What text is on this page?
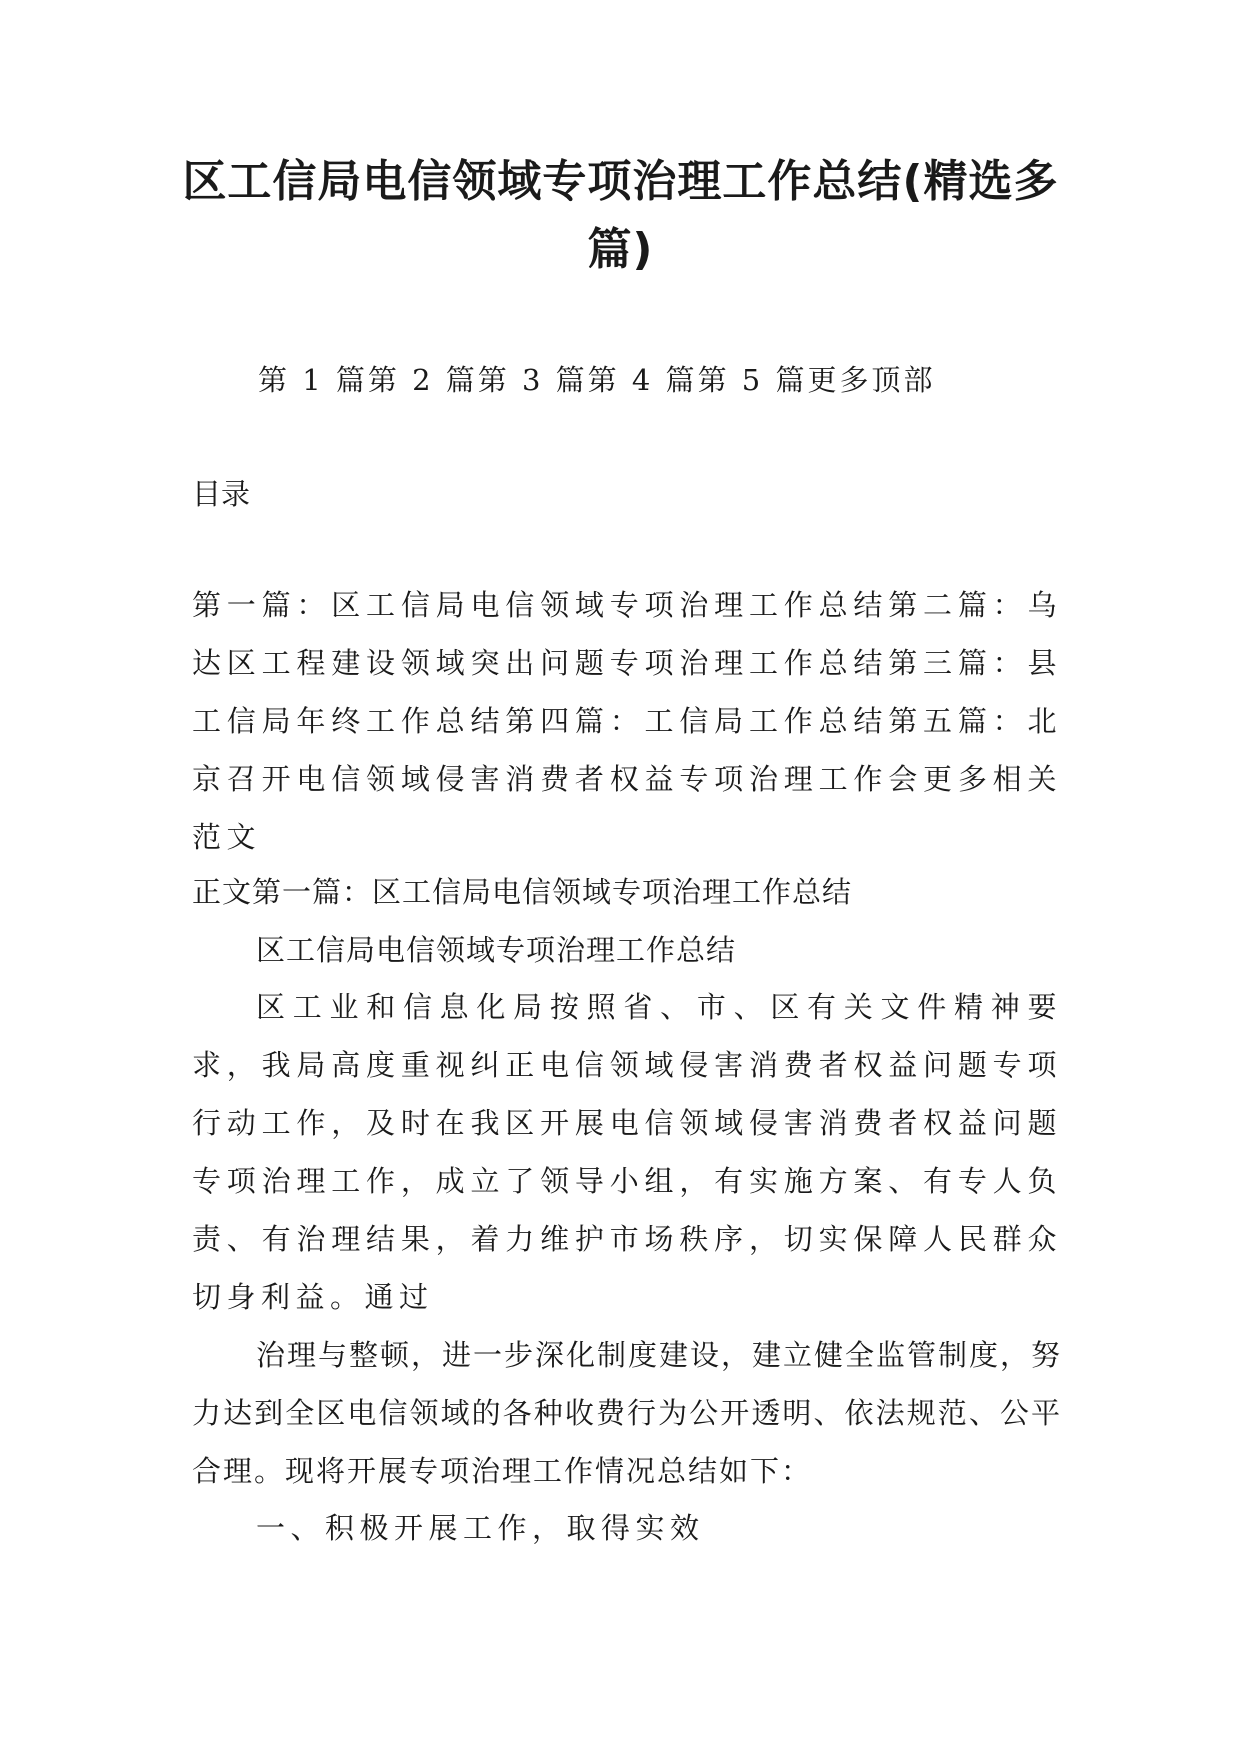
区工信局电信领域专项治理工作总结(精选多篇)
第 1 篇第 2 篇第 3 篇第 4 篇第 5 篇更多顶部
目录

第一篇：区工信局电信领域专项治理工作总结第二篇：乌达区工程建设领域突出问题专项治理工作总结第三篇：县工信局年终工作总结第四篇：工信局工作总结第五篇：北京召开电信领域侵害消费者权益专项治理工作会更多相关范文

正文第一篇：区工信局电信领域专项治理工作总结
区工信局电信领域专项治理工作总结

区工业和信息化局按照省、市、区有关文件精神要求，我局高度重视纠正电信领域侵害消费者权益问题专项行动工作，及时在我区开展电信领域侵害消费者权益问题专项治理工作，成立了领导小组，有实施方案、有专人负责、有治理结果，着力维护市场秩序，切实保障人民群众切身利益。通过

治理与整顿，进一步深化制度建设，建立健全监管制度，努力达到全区电信领域的各种收费行为公开透明、依法规范、公平合理。现将开展专项治理工作情况总结如下：

一、积极开展工作，取得实效
